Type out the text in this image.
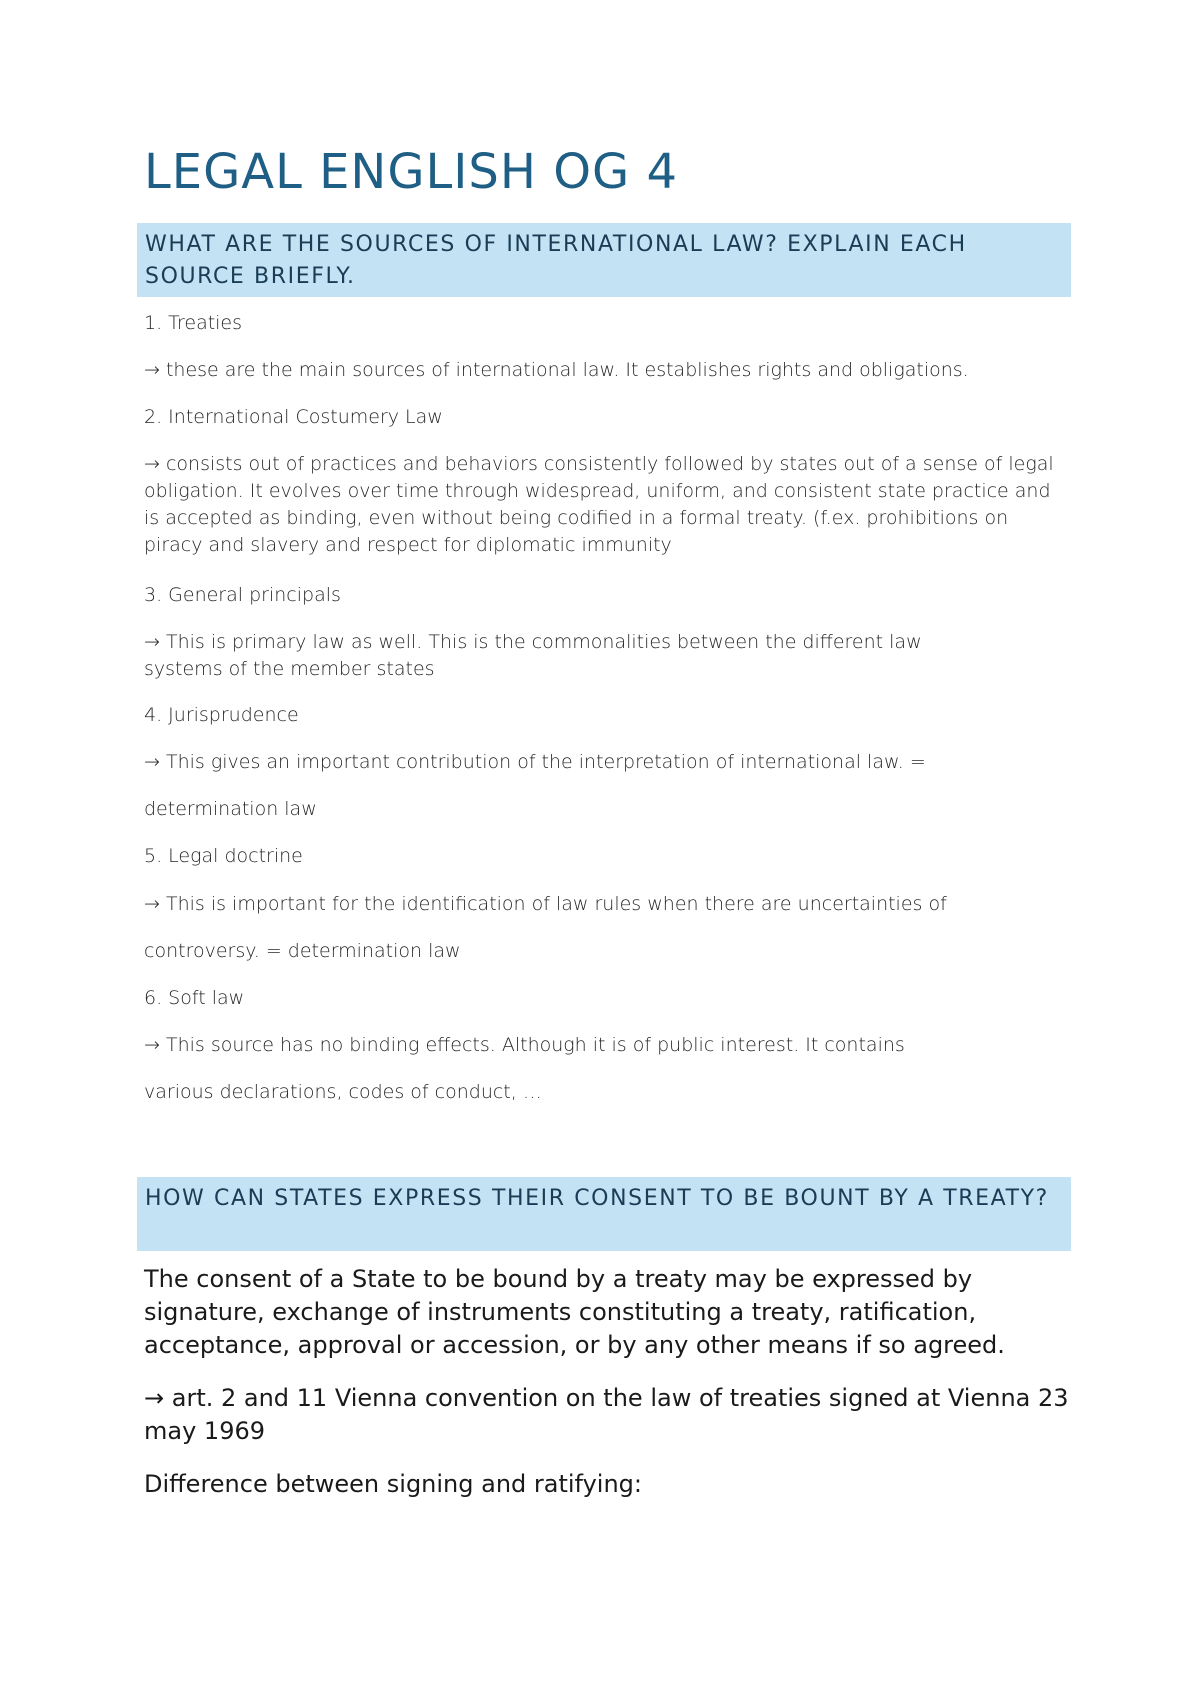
LEGAL ENGLISH OG 4
WHAT ARE THE SOURCES OF INTERNATIONAL LAW? EXPLAIN EACH SOURCE BRIEFLY.

1. Treaties

→ these are the main sources of international law. It establishes rights and obligations.

2. International Costumery Law

→ consists out of practices and behaviors consistently followed by states out of a sense of legal obligation. It evolves over time through widespread, uniform, and consistent state practice and is accepted as binding, even without being codified in a formal treaty. (f.ex. prohibitions on piracy and slavery and respect for diplomatic immunity

3. General principals

→ This is primary law as well. This is the commonalities between the different law systems of the member states

4. Jurisprudence

→ This gives an important contribution of the interpretation of international law. =

determination law

5. Legal doctrine

→ This is important for the identification of law rules when there are uncertainties of

controversy. = determination law

6. Soft law

→ This source has no binding effects. Although it is of public interest. It contains

various declarations, codes of conduct, …

HOW CAN STATES EXPRESS THEIR CONSENT TO BE BOUNT BY A TREATY?

The consent of a State to be bound by a treaty may be expressed by signature, exchange of instruments constituting a treaty, ratification, acceptance, approval or accession, or by any other means if so agreed.

→ art. 2 and 11 Vienna convention on the law of treaties signed at Vienna 23 may 1969

Difference between signing and ratifying:
